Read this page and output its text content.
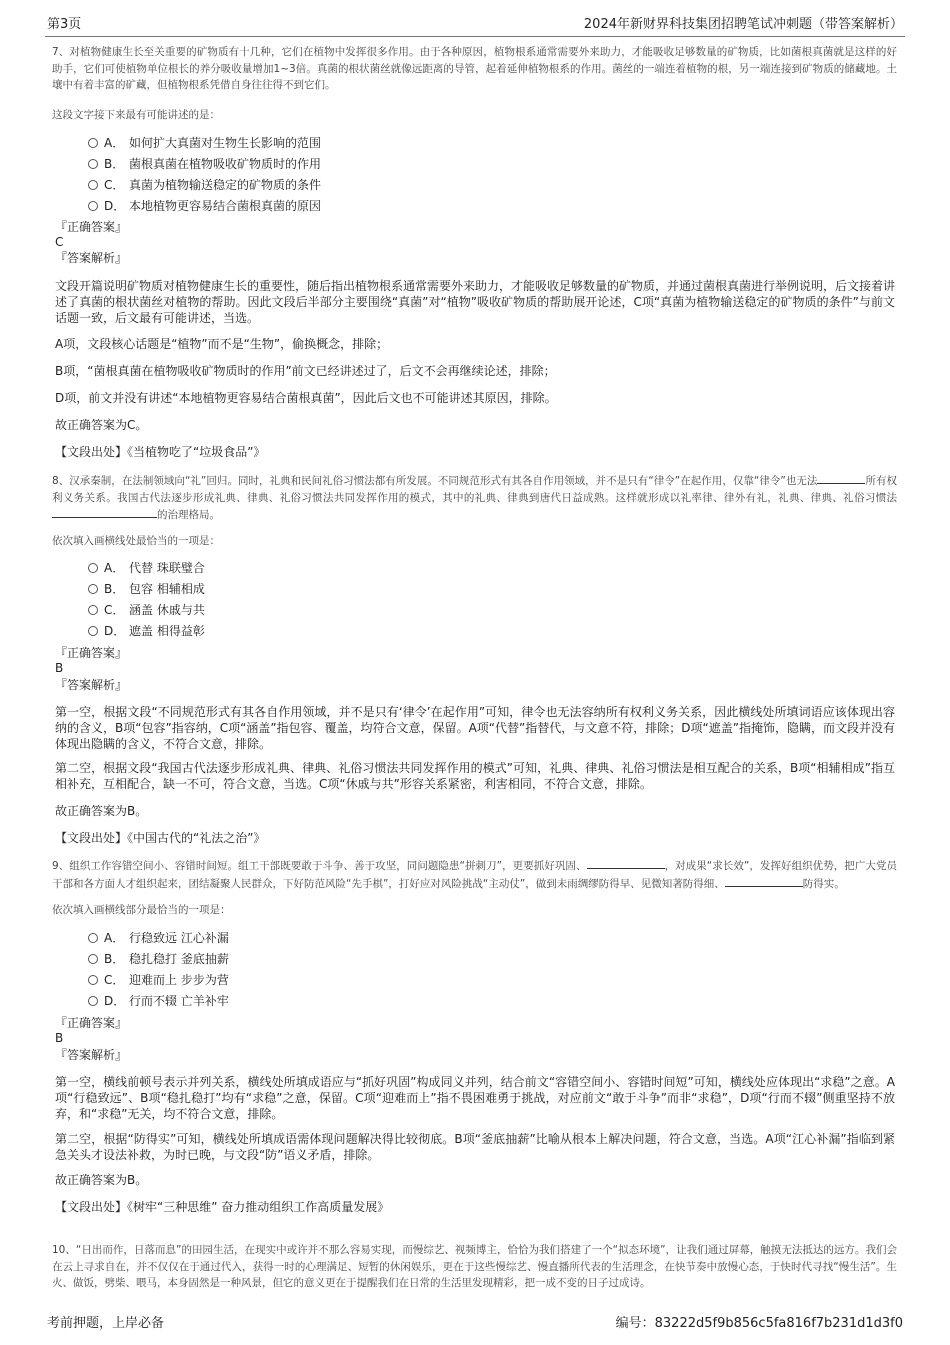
第3页	2024年新财界科技集团招聘笔试冲刺题（带答案解析）

7、对植物健康生长至关重要的矿物质有十几种，它们在植物中发挥很多作用。由于各种原因，植物根系通常需要外来助力，才能吸收足够数量的矿物质，比如菌根真菌就是这样的好助手，它们可使植物单位根长的养分吸收量增加1~3倍。真菌的根状菌丝就像远距离的导管，起着延伸植物根系的作用。菌丝的一端连着植物的根，另一端连接到矿物质的储藏地。土壤中有着丰富的矿藏，但植物根系凭借自身往往得不到它们。

这段文字接下来最有可能讲述的是：

A． 如何扩大真菌对生物生长影响的范围
B． 菌根真菌在植物吸收矿物质时的作用
C． 真菌为植物输送稳定的矿物质的条件
D． 本地植物更容易结合菌根真菌的原因
『正确答案』
C
『答案解析』

文段开篇说明矿物质对植物健康生长的重要性，随后指出植物根系通常需要外来助力，才能吸收足够数量的矿物质，并通过菌根真菌进行举例说明，后文接着讲述了真菌的根状菌丝对植物的帮助。因此文段后半部分主要围绕“真菌”对“植物”吸收矿物质的帮助展开论述，C项“真菌为植物输送稳定的矿物质的条件”与前文话题一致，后文最有可能讲述，当选。

A项，文段核心话题是“植物”而不是“生物”，偷换概念，排除；

B项，“菌根真菌在植物吸收矿物质时的作用”前文已经讲述过了，后文不会再继续论述，排除；

D项，前文并没有讲述“本地植物更容易结合菌根真菌”，因此后文也不可能讲述其原因，排除。

故正确答案为C。

【文段出处】《当植物吃了“垃圾食品”》

8、汉承秦制，在法制领域向“礼”回归。同时，礼典和民间礼俗习惯法都有所发展。不同规范形式有其各自作用领域，并不是只有“律令”在起作用，仅靠“律令”也无法	所有权利义务关系。我国古代法逐步形成礼典、律典、礼俗习惯法共同发挥作用的模式，其中的礼典、律典到唐代日益成熟。这样就形成以礼率律、律外有礼，礼典、律典、礼俗习惯法的治理格局。

依次填入画横线处最恰当的一项是：

A． 代替 珠联璧合
B． 包容 相辅相成
C． 涵盖 休戚与共
D． 遮盖 相得益彰
『正确答案』
B
『答案解析』

第一空，根据文段“不同规范形式有其各自作用领域，并不是只有‘律令’在起作用”可知，律令也无法容纳所有权利义务关系，因此横线处所填词语应该体现出容纳的含义，B项“包容”指容纳，C项“涵盖”指包容、覆盖，均符合文意，保留。A项“代替”指替代，与文意不符，排除；D项“遮盖”指掩饰，隐瞒，而文段并没有体现出隐瞒的含义，不符合文意，排除。

第二空，根据文段“我国古代法逐步形成礼典、律典、礼俗习惯法共同发挥作用的模式”可知，礼典、律典、礼俗习惯法是相互配合的关系，B项“相辅相成”指互相补充，互相配合，缺一不可，符合文意，当选。C项“休戚与共”形容关系紧密，利害相同，不符合文意，排除。

故正确答案为B。

【文段出处】《中国古代的“礼法之治”》

9、组织工作容错空间小、容错时间短。组工干部既要敢于斗争、善于攻坚，同问题隐患“拼刺刀”，更要抓好巩固、	，对成果“求长效”，发挥好组织优势，把广大党员干部和各方面人才组织起来，团结凝聚人民群众，下好防范风险“先手棋”，打好应对风险挑战“主动仗”，做到未雨绸缪防得早、见微知著防得细、	防得实。

依次填入画横线部分最恰当的一项是：

A． 行稳致远 江心补漏
B． 稳扎稳打 釜底抽薪
C． 迎难而上 步步为营
D． 行而不辍 亡羊补牢
『正确答案』
B
『答案解析』

第一空，横线前顿号表示并列关系，横线处所填成语应与“抓好巩固”构成同义并列，结合前文“容错空间小、容错时间短”可知，横线处应体现出“求稳”之意。A项“行稳致远”、B项“稳扎稳打”均有“求稳”之意，保留。C项“迎难而上”指不畏困难勇于挑战，对应前文“敢于斗争”而非“求稳”，D项“行而不辍”侧重坚持不放弃，和“求稳”无关，均不符合文意，排除。

第二空，根据“防得实”可知，横线处所填成语需体现问题解决得比较彻底。B项“釜底抽薪”比喻从根本上解决问题，符合文意，当选。A项“江心补漏”指临到紧急关头才设法补救，为时已晚，与文段“防”语义矛盾，排除。

故正确答案为B。

【文段出处】《树牢“三种思维” 奋力推动组织工作高质量发展》

10、“日出而作，日落而息”的田园生活，在现实中或许并不那么容易实现，而慢综艺、视频博主，恰恰为我们搭建了一个“拟态环境”，让我们通过屏幕，触摸无法抵达的远方。我们会在云上寻求自在，并不仅仅在于通过代入，获得一时的心理满足、短暂的休闲娱乐，更在于这些慢综艺、慢直播所代表的生活理念，在快节奏中放慢心态，于快时代寻找“慢生活”。生火、做饭，劈柴、喂马，本身固然是一种风景，但它的意义更在于提醒我们在日常的生活里发现精彩，把一成不变的日子过成诗。

考前押题，上岸必备	编号：83222d5f9b856c5fa816f7b231d1d3f0
